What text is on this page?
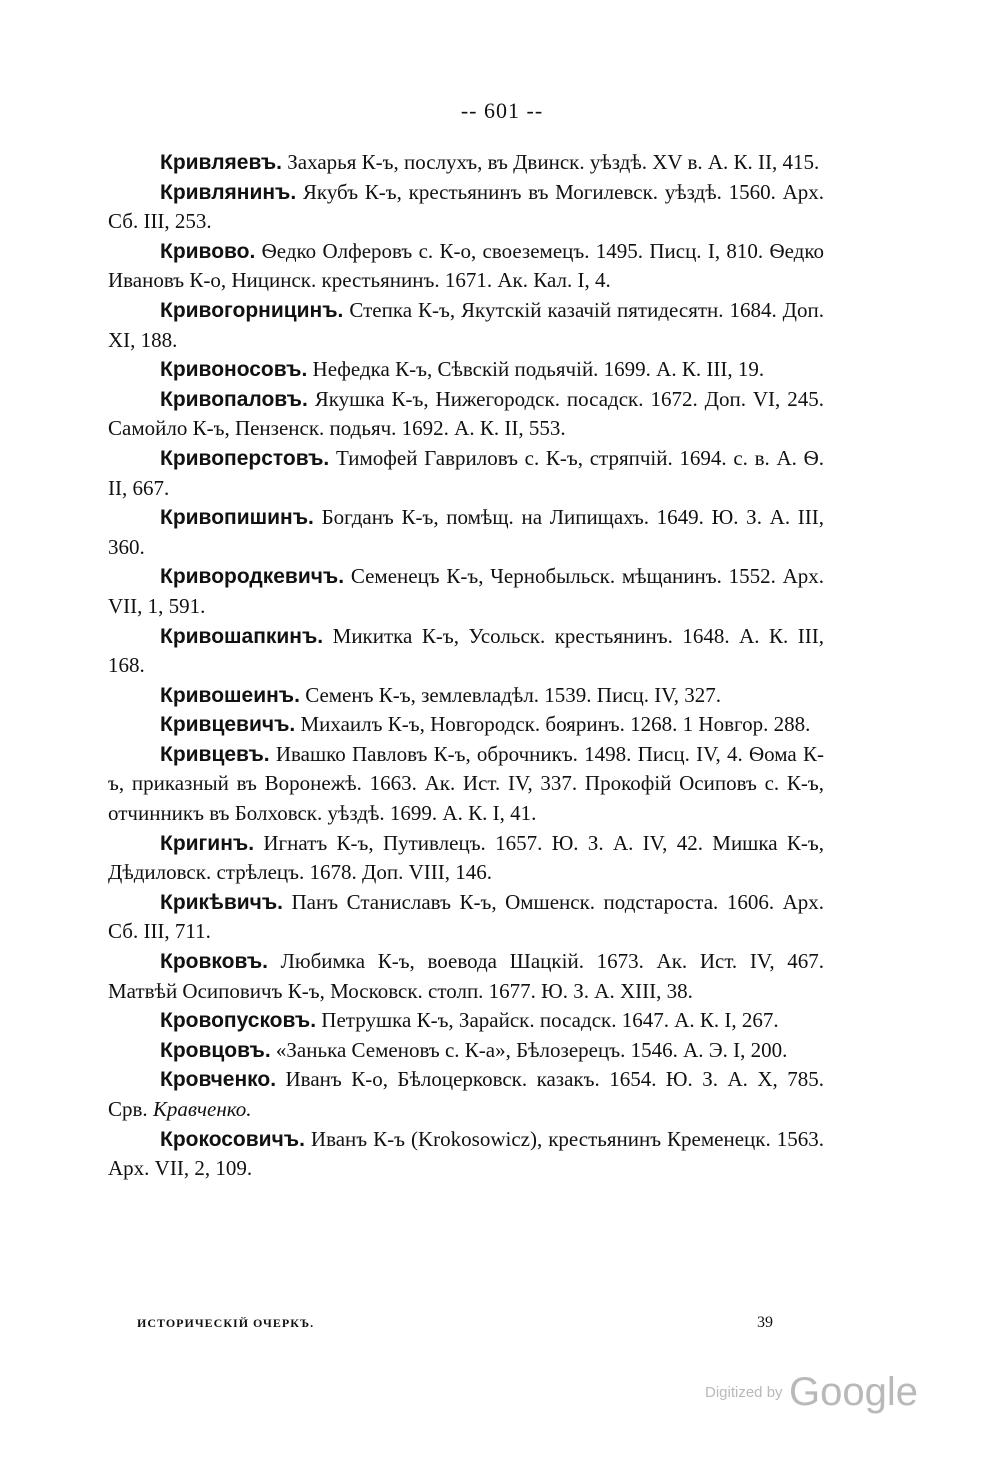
-- 601 --

Кривляевъ. Захарья К-ъ, послухъ, въ Двинск. уѣздѣ. XV в. А. К. II, 415.

Кривлянинъ. Якубъ К-ъ, крестьянинъ въ Могилевск. уѣздѣ. 1560. Арх. Сб. III, 253.

Кривово. Ѳедко Олферовъ с. К-о, своеземецъ. 1495. Писц. I, 810. Ѳедко Ивановъ К-о, Ницинск. крестьянинъ. 1671. Ак. Кал. I, 4.

Кривогорницинъ. Степка К-ъ, Якутскій казачій пятидесятн. 1684. Доп. XI, 188.

Кривоносовъ. Нефедка К-ъ, Сѣвскій подьячій. 1699. А. К. III, 19.

Кривопаловъ. Якушка К-ъ, Нижегородск. посадск. 1672. Доп. VI, 245. Самойло К-ъ, Пензенск. подьяч. 1692. А. К. II, 553.

Кривоперстовъ. Тимофей Гавриловъ с. К-ъ, стряпчій. 1694. с. в. А. Ѳ. II, 667.

Кривопишинъ. Богданъ К-ъ, помѣщ. на Липищахъ. 1649. Ю. З. А. III, 360.

Кривородкевичъ. Семенецъ К-ъ, Чернобыльск. мѣщанинъ. 1552. Арх. VII, 1, 591.

Кривошапкинъ. Микитка К-ъ, Усольск. крестьянинъ. 1648. А. К. III, 168.

Кривошеинъ. Семенъ К-ъ, землевладѣл. 1539. Писц. IV, 327.

Кривцевичъ. Михаилъ К-ъ, Новгородск. бояринъ. 1268. 1 Новгор. 288.

Кривцевъ. Ивашко Павловъ К-ъ, оброчникъ. 1498. Писц. IV, 4. Ѳома К-ъ, приказный въ Воронежѣ. 1663. Ак. Ист. IV, 337. Прокофій Осиповъ с. К-ъ, отчинникъ въ Болховск. уѣздѣ. 1699. А. К. I, 41.

Кригинъ. Игнатъ К-ъ, Путивлецъ. 1657. Ю. З. А. IV, 42. Мишка К-ъ, Дѣдиловск. стрѣлецъ. 1678. Доп. VIII, 146.

Крикѣвичъ. Панъ Станиславъ К-ъ, Омшенск. подстароста. 1606. Арх. Сб. III, 711.

Кровковъ. Любимка К-ъ, воевода Шацкій. 1673. Ак. Ист. IV, 467. Матвѣй Осиповичъ К-ъ, Московск. столп. 1677. Ю. З. А. XIII, 38.

Кровопусковъ. Петрушка К-ъ, Зарайск. посадск. 1647. А. К. I, 267.

Кровцовъ. «Занька Семеновъ с. К-а», Бѣлозерецъ. 1546. А. Э. I, 200.

Кровченко. Иванъ К-о, Бѣлоцерковск. казакъ. 1654. Ю. З. А. X, 785. Срв. Кравченко.

Крокосовичъ. Иванъ К-ъ (Krokosowicz), крестьянинъ Кременецк. 1563. Арх. VII, 2, 109.

ИСТОРИЧЕСКІЙ ОЧЕРКЪ.	39
Digitized by Google
